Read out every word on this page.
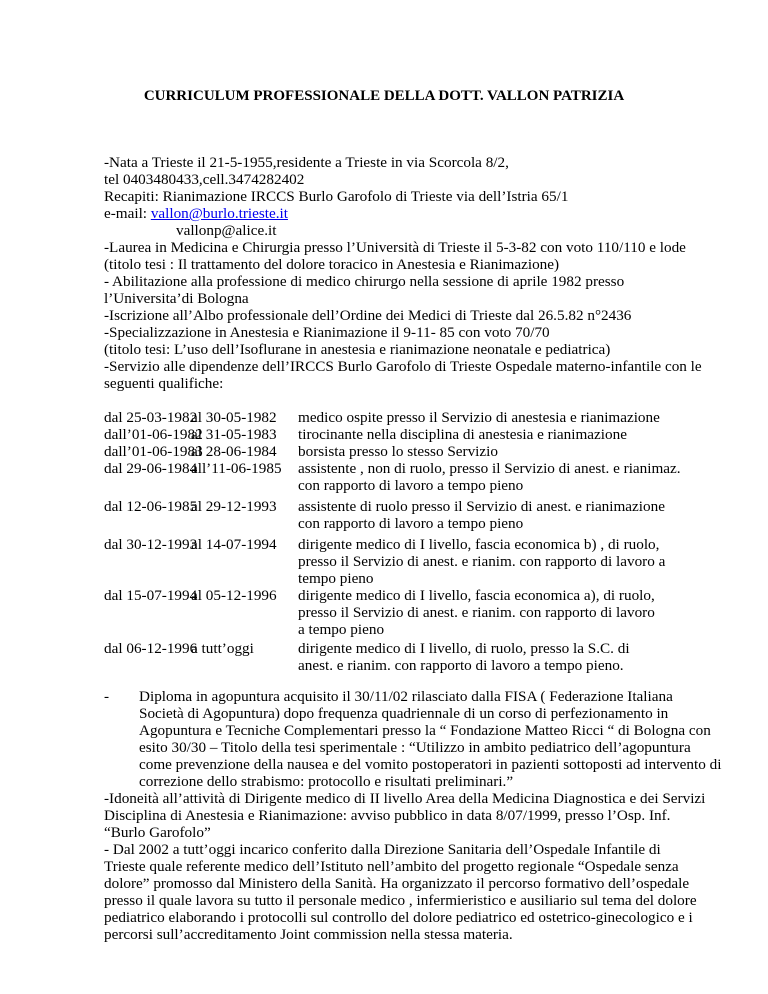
CURRICULUM PROFESSIONALE DELLA DOTT. VALLON PATRIZIA
-Nata a Trieste il 21-5-1955,residente a Trieste in via Scorcola 8/2,
tel 0403480433,cell.3474282402
Recapiti: Rianimazione IRCCS Burlo Garofolo di Trieste via dell’Istria 65/1
e-mail: vallon@burlo.trieste.it
vallonp@alice.it
-Laurea in Medicina e Chirurgia presso l’Università di Trieste il 5-3-82 con voto 110/110 e lode
(titolo tesi : Il trattamento del dolore toracico in Anestesia e Rianimazione)
- Abilitazione alla professione di medico chirurgo nella sessione di aprile 1982 presso
l’Universita’di Bologna
-Iscrizione all’Albo professionale dell’Ordine dei Medici di Trieste dal 26.5.82 n°2436
-Specializzazione in Anestesia e Rianimazione il 9-11- 85 con voto 70/70
(titolo tesi: L’uso dell’Isoflurane in anestesia e rianimazione neonatale e pediatrica)
-Servizio alle dipendenze dell’IRCCS Burlo Garofolo di Trieste Ospedale materno-infantile con le
seguenti qualifiche:
dal 25-03-1982
al 30-05-1982 medico ospite presso il Servizio di anestesia e rianimazione
dall’01-06-1982
al 31-05-1983 tirocinante nella disciplina di anestesia e rianimazione
dall’01-06-1983
al 28-06-1984 borsista presso lo stesso Servizio
dal 29-06-1984
all’11-06-1985 assistente , non di ruolo, presso il Servizio di anest. e rianimaz.
con rapporto di lavoro a tempo pieno
dal 12-06-1985
al 29-12-1993 assistente di ruolo presso il Servizio di anest. e rianimazione
con rapporto di lavoro a tempo pieno
dal 30-12-1993
al 14-07-1994 dirigente medico di I livello, fascia economica b) , di ruolo,
presso il Servizio di anest. e rianim. con rapporto di lavoro a
tempo pieno
dal 15-07-1994
al 05-12-1996 dirigente medico di I livello, fascia economica a), di ruolo,
presso il Servizio di anest. e rianim. con rapporto di lavoro
a tempo pieno
dal 06-12-1996
a tutt’oggi	dirigente medico di I livello, di ruolo, presso la S.C. di
anest. e rianim. con rapporto di lavoro a tempo pieno.
- Diploma in agopuntura acquisito il 30/11/02 rilasciato dalla FISA ( Federazione Italiana
Società di Agopuntura) dopo frequenza quadriennale di un corso di perfezionamento in
Agopuntura e Tecniche Complementari presso la “ Fondazione Matteo Ricci “ di Bologna con
esito 30/30 – Titolo della tesi sperimentale : “Utilizzo in ambito pediatrico dell’agopuntura
come prevenzione della nausea e del vomito postoperatori in pazienti sottoposti ad intervento di
correzione dello strabismo: protocollo e risultati preliminari.”
-Idoneità all’attività di Dirigente medico di II livello Area della Medicina Diagnostica e dei Servizi
Disciplina di Anestesia e Rianimazione: avviso pubblico in data 8/07/1999, presso l’Osp. Inf.
“Burlo Garofolo”
- Dal 2002 a tutt’oggi incarico conferito dalla Direzione Sanitaria dell’Ospedale Infantile di
Trieste quale referente medico dell’Istituto nell’ambito del progetto regionale “Ospedale senza
dolore” promosso dal Ministero della Sanità. Ha organizzato il percorso formativo dell’ospedale
presso il quale lavora su tutto il personale medico , infermieristico e ausiliario sul tema del dolore
pediatrico elaborando i protocolli sul controllo del dolore pediatrico ed ostetrico-ginecologico e i
percorsi sull’accreditamento Joint commission nella stessa materia.
